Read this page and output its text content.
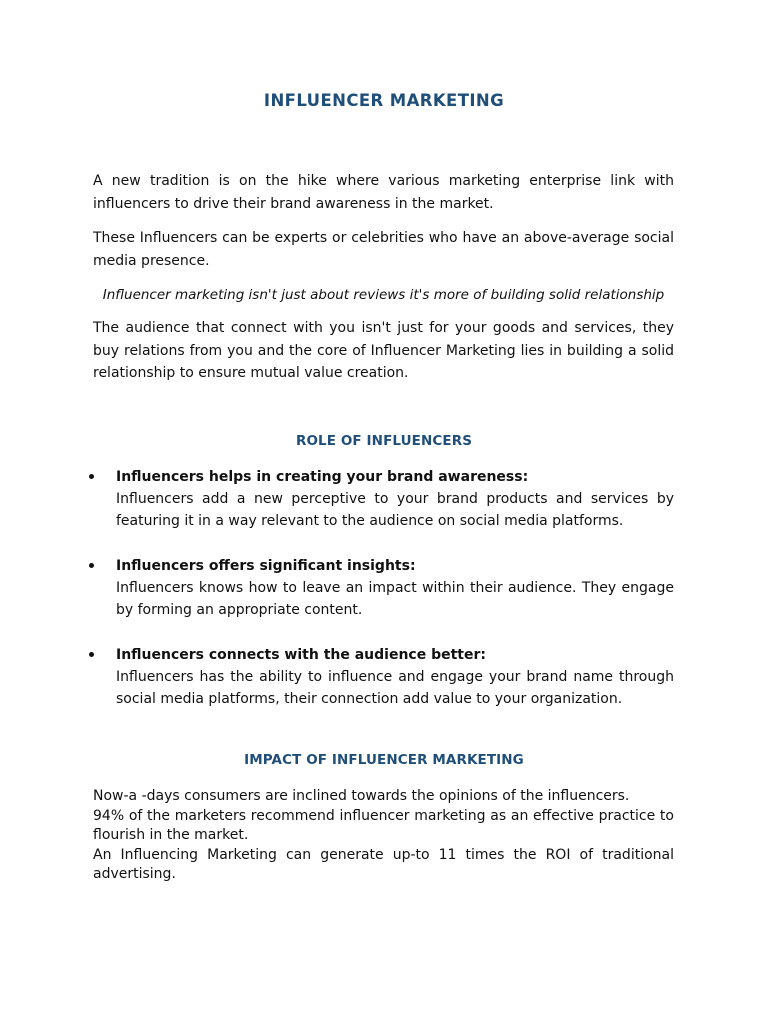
INFLUENCER MARKETING

A new tradition is on the hike where various marketing enterprise link with influencers to drive their brand awareness in the market.

These Influencers can be experts or celebrities who have an above-average social media presence.

Influencer marketing isn't just about reviews it's more of building solid relationship

The audience that connect with you isn't just for your goods and services, they buy relations from you and the core of Influencer Marketing lies in building a solid relationship to ensure mutual value creation.

ROLE OF INFLUENCERS
Influencers helps in creating your brand awareness:
Influencers add a new perceptive to your brand products and services by featuring it in a way relevant to the audience on social media platforms.
Influencers offers significant insights:
Influencers knows how to leave an impact within their audience. They engage by forming an appropriate content.
Influencers connects with the audience better:
Influencers has the ability to influence and engage your brand name through social media platforms, their connection add value to your organization.
IMPACT OF INFLUENCER MARKETING
Now-a -days consumers are inclined towards the opinions of the influencers.
94% of the marketers recommend influencer marketing as an effective practice to flourish in the market.
An Influencing Marketing can generate up-to 11 times the ROI of traditional advertising.
